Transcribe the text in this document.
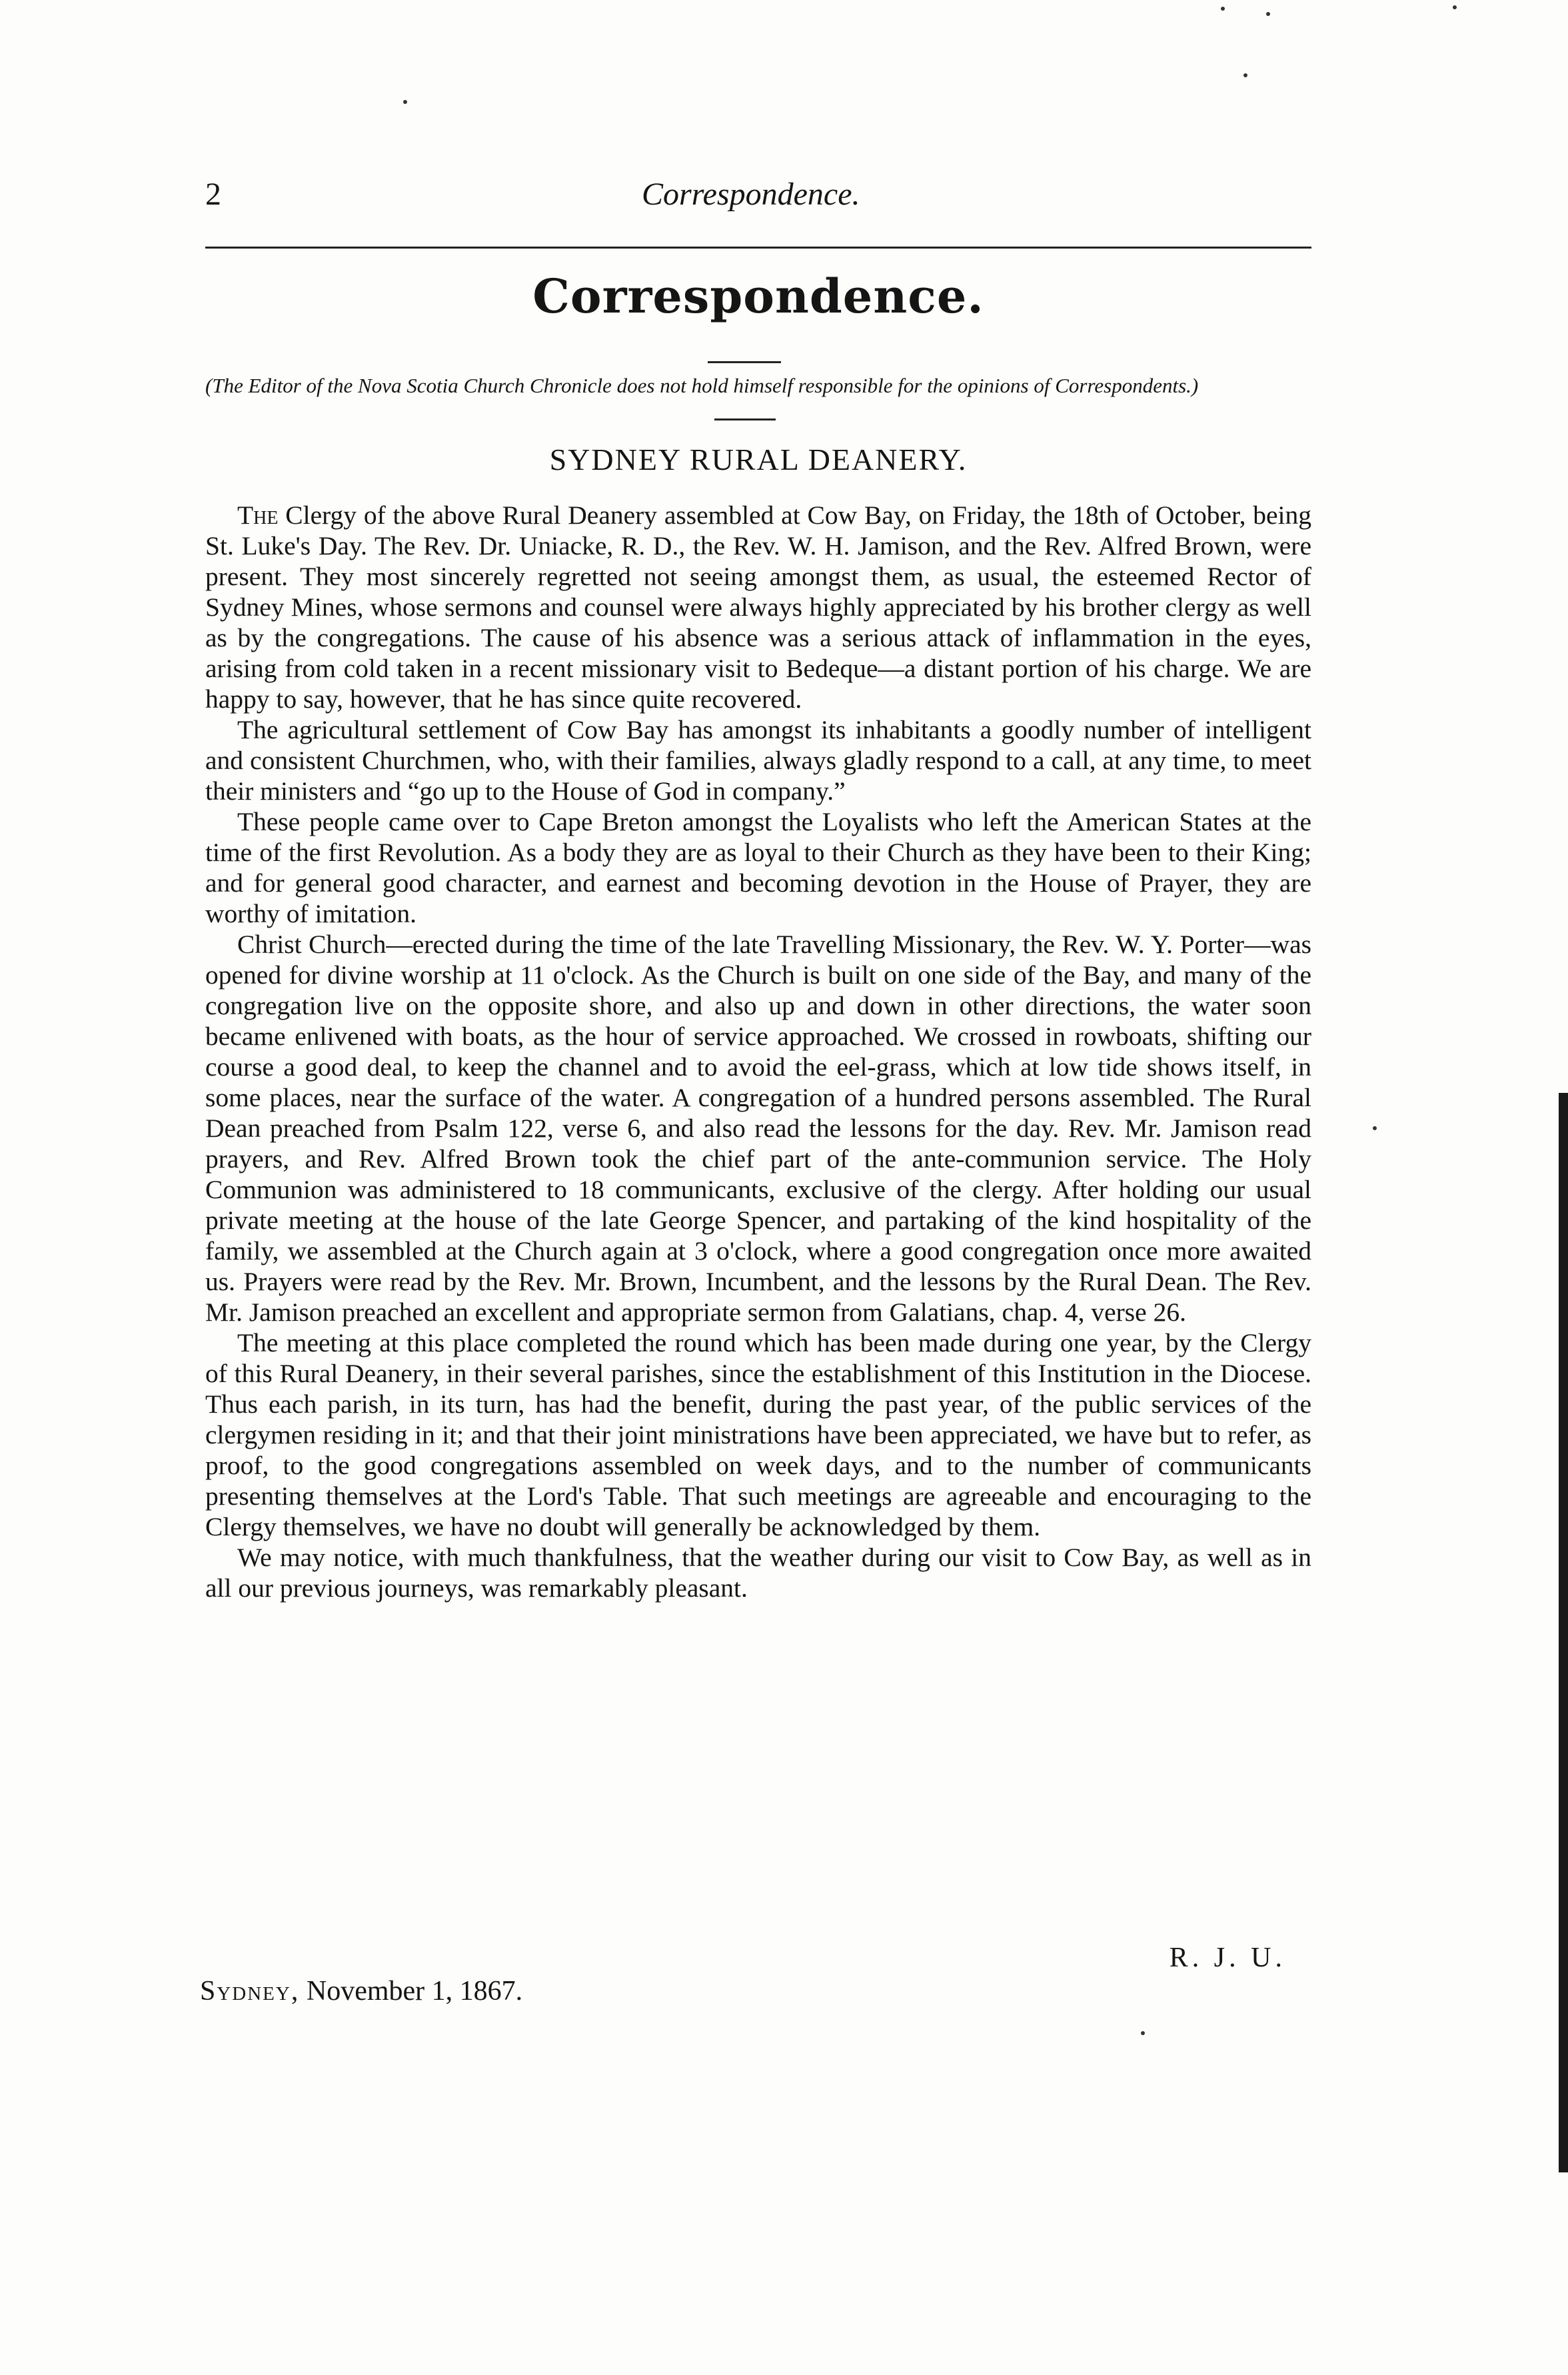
2	Correspondence.
Correspondence.
(The Editor of the Nova Scotia Church Chronicle does not hold himself responsible for the opinions of Correspondents.)
SYDNEY RURAL DEANERY.

The Clergy of the above Rural Deanery assembled at Cow Bay, on Friday, the 18th of October, being St. Luke's Day. The Rev. Dr. Uniacke, R. D., the Rev. W. H. Jamison, and the Rev. Alfred Brown, were present. They most sincerely regretted not seeing amongst them, as usual, the esteemed Rector of Sydney Mines, whose sermons and counsel were always highly appreciated by his brother clergy as well as by the congregations. The cause of his absence was a serious attack of inflammation in the eyes, arising from cold taken in a recent missionary visit to Bedeque—a distant portion of his charge. We are happy to say, however, that he has since quite recovered.

The agricultural settlement of Cow Bay has amongst its inhabitants a goodly number of intelligent and consistent Churchmen, who, with their families, always gladly respond to a call, at any time, to meet their ministers and “go up to the House of God in company.”

These people came over to Cape Breton amongst the Loyalists who left the American States at the time of the first Revolution. As a body they are as loyal to their Church as they have been to their King; and for general good character, and earnest and becoming devotion in the House of Prayer, they are worthy of imitation.

Christ Church—erected during the time of the late Travelling Missionary, the Rev. W. Y. Porter—was opened for divine worship at 11 o'clock. As the Church is built on one side of the Bay, and many of the congregation live on the opposite shore, and also up and down in other directions, the water soon became enlivened with boats, as the hour of service approached. We crossed in rowboats, shifting our course a good deal, to keep the channel and to avoid the eel-grass, which at low tide shows itself, in some places, near the surface of the water. A congregation of a hundred persons assembled. The Rural Dean preached from Psalm 122, verse 6, and also read the lessons for the day. Rev. Mr. Jamison read prayers, and Rev. Alfred Brown took the chief part of the ante-communion service. The Holy Communion was administered to 18 communicants, exclusive of the clergy. After holding our usual private meeting at the house of the late George Spencer, and partaking of the kind hospitality of the family, we assembled at the Church again at 3 o'clock, where a good congregation once more awaited us. Prayers were read by the Rev. Mr. Brown, Incumbent, and the lessons by the Rural Dean. The Rev. Mr. Jamison preached an excellent and appropriate sermon from Galatians, chap. 4, verse 26.

The meeting at this place completed the round which has been made during one year, by the Clergy of this Rural Deanery, in their several parishes, since the establishment of this Institution in the Diocese. Thus each parish, in its turn, has had the benefit, during the past year, of the public services of the clergymen residing in it; and that their joint ministrations have been appreciated, we have but to refer, as proof, to the good congregations assembled on week days, and to the number of communicants presenting themselves at the Lord's Table. That such meetings are agreeable and encouraging to the Clergy themselves, we have no doubt will generally be acknowledged by them.

We may notice, with much thankfulness, that the weather during our visit to Cow Bay, as well as in all our previous journeys, was remarkably pleasant.

R. J. U.
Sydney, November 1, 1867.
